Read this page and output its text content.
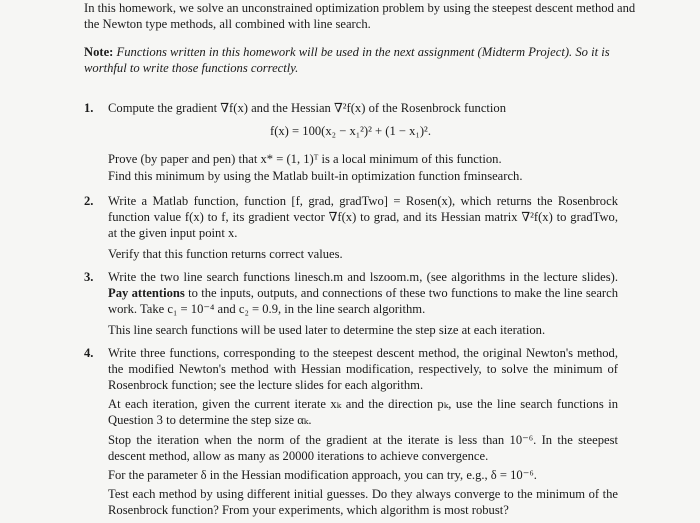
In this homework, we solve an unconstrained optimization problem by using the steepest descent method and the Newton type methods, all combined with line search.
Note: Functions written in this homework will be used in the next assignment (Midterm Project). So it is worthful to write those functions correctly.
1. Compute the gradient ∇f(x) and the Hessian ∇²f(x) of the Rosenbrock function
f(x) = 100(x₂ − x₁²)² + (1 − x₁)².
Prove (by paper and pen) that x* = (1, 1)ᵀ is a local minimum of this function.
Find this minimum by using the Matlab built-in optimization function fminsearch.
2. Write a Matlab function, function [f, grad, gradTwo] = Rosen(x), which returns the Rosenbrock function value f(x) to f, its gradient vector ∇f(x) to grad, and its Hessian matrix ∇²f(x) to gradTwo, at the given input point x.
Verify that this function returns correct values.
3. Write the two line search functions linesch.m and lszoom.m, (see algorithms in the lecture slides). Pay attentions to the inputs, outputs, and connections of these two functions to make the line search work. Take c₁ = 10⁻⁴ and c₂ = 0.9, in the line search algorithm.
This line search functions will be used later to determine the step size at each iteration.
4. Write three functions, corresponding to the steepest descent method, the original Newton's method, the modified Newton's method with Hessian modification, respectively, to solve the minimum of Rosenbrock function; see the lecture slides for each algorithm.
At each iteration, given the current iterate xₖ and the direction pₖ, use the line search functions in Question 3 to determine the step size αₖ.
Stop the iteration when the norm of the gradient at the iterate is less than 10⁻⁶. In the steepest descent method, allow as many as 20000 iterations to achieve convergence.
For the parameter δ in the Hessian modification approach, you can try, e.g., δ = 10⁻⁶.
Test each method by using different initial guesses. Do they always converge to the minimum of the Rosenbrock function? From your experiments, which algorithm is most robust?
